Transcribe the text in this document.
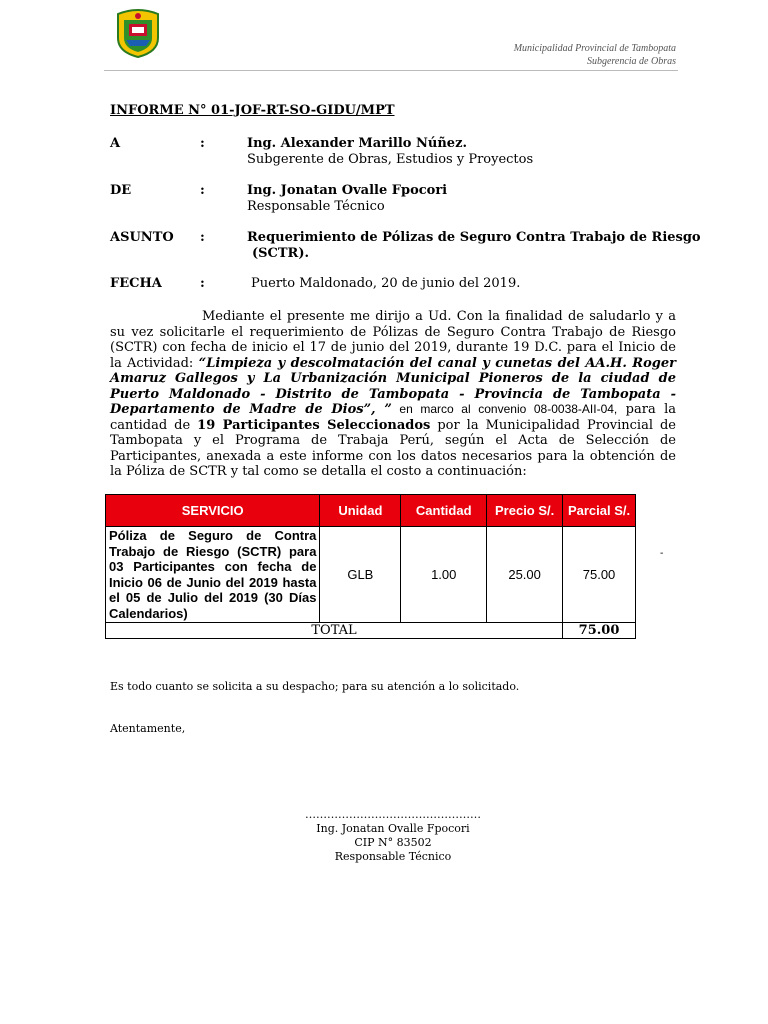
Municipalidad Provincial de Tambopata
Subgerencia de Obras
INFORME N° 01-JOF-RT-SO-GIDU/MPT
A	:	Ing. Alexander Marillo Núñez.
Subgerente de Obras, Estudios y Proyectos
DE	:	Ing. Jonatan Ovalle Fpocori
Responsable Técnico
ASUNTO :	Requerimiento de Pólizas de Seguro Contra Trabajo de Riesgo
(SCTR).
FECHA	:	Puerto Maldonado, 20 de junio del 2019.
Mediante el presente me dirijo a Ud. Con la finalidad de saludarlo y a su vez solicitarle el requerimiento de Pólizas de Seguro Contra Trabajo de Riesgo (SCTR) con fecha de inicio el 17 de junio del 2019, durante 19 D.C. para el Inicio de la Actividad: “Limpieza y descolmatación del canal y cunetas del AA.H. Roger Amaruz Gallegos y La Urbanización Municipal Pioneros de la ciudad de Puerto Maldonado - Distrito de Tambopata - Provincia de Tambopata - Departamento de Madre de Dios”, ” en marco al convenio 08-0038-AII-04, para la cantidad de 19 Participantes Seleccionados por la Municipalidad Provincial de Tambopata y el Programa de Trabaja Perú, según el Acta de Selección de Participantes, anexada a este informe con los datos necesarios para la obtención de la Póliza de SCTR y tal como se detalla el costo a continuación:
SERVICIO	Unidad	Cantidad	Precio S/.	Parcial S/.
Póliza de Seguro de Contra Trabajo de Riesgo (SCTR) para 03 Participantes con fecha de Inicio 06 de Junio del 2019 hasta el 05 de Julio del 2019 (30 Días Calendarios)	GLB	1.00	25.00	75.00
TOTAL				75.00
-
Es todo cuanto se solicita a su despacho; para su atención a lo solicitado.
Atentamente,
…………………………………………
Ing. Jonatan Ovalle Fpocori
CIP N° 83502
Responsable Técnico
